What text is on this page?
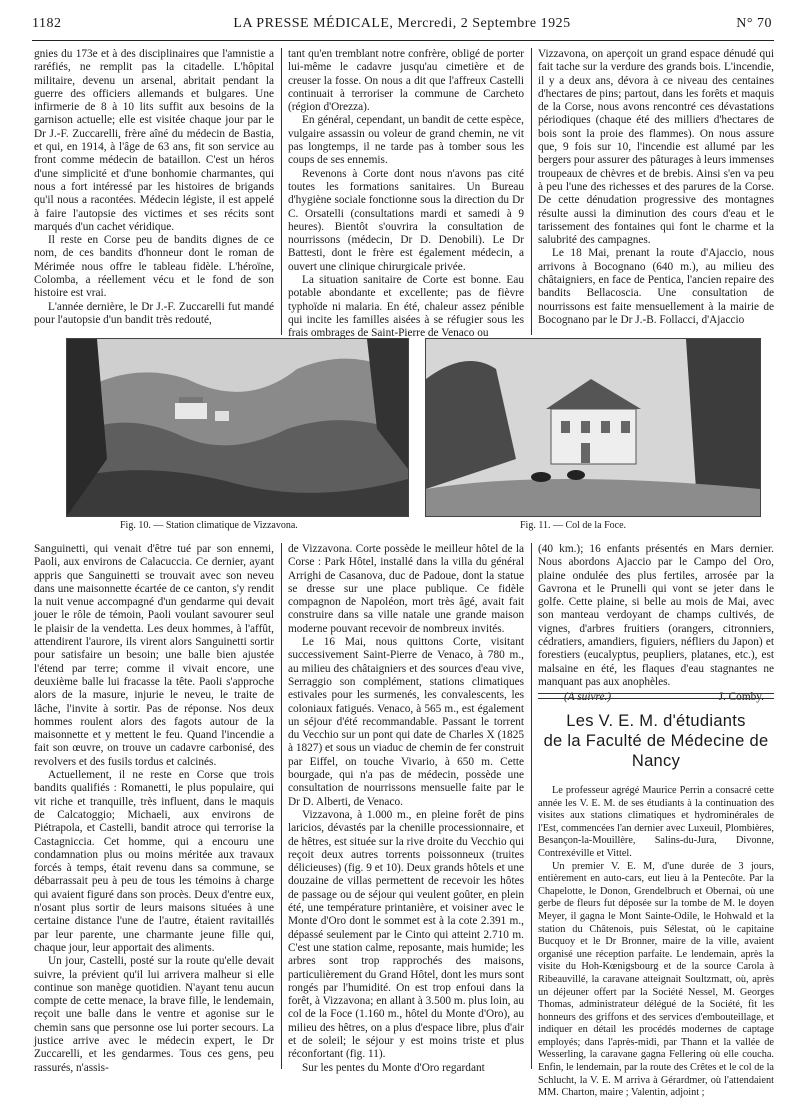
1182	LA PRESSE MÉDICALE, Mercredi, 2 Septembre 1925	N° 70

gnies du 173e et à des disciplinaires que l'amnistie a raréfiés, ne remplit pas la citadelle. L'hôpital militaire, devenu un arsenal, abritait pendant la guerre des officiers allemands et bulgares. Une infirmerie de 8 à 10 lits suffit aux besoins de la garnison actuelle; elle est visitée chaque jour par le Dr J.-F. Zuccarelli, frère aîné du médecin de Bastia, et qui, en 1914, à l'âge de 63 ans, fit son service au front comme médecin de bataillon. C'est un héros d'une simplicité et d'une bonhomie charmantes, qui nous a fort intéressé par les histoires de brigands qu'il nous a racontées. Médecin légiste, il est appelé à faire l'autopsie des victimes et ses récits sont marqués d'un cachet véridique.

Il reste en Corse peu de bandits dignes de ce nom, de ces bandits d'honneur dont le roman de Mérimée nous offre le tableau fidèle. L'héroïne, Colomba, a réellement vécu et le fond de son histoire est vrai.

L'année dernière, le Dr J.-F. Zuccarelli fut mandé pour l'autopsie d'un bandit très redouté,

tant qu'en tremblant notre confrère, obligé de porter lui-même le cadavre jusqu'au cimetière et de creuser la fosse. On nous a dit que l'affreux Castelli continuait à terroriser la commune de Carcheto (région d'Orezza).

En général, cependant, un bandit de cette espèce, vulgaire assassin ou voleur de grand chemin, ne vit pas longtemps, il ne tarde pas à tomber sous les coups de ses ennemis.

Revenons à Corte dont nous n'avons pas cité toutes les formations sanitaires. Un Bureau d'hygiène sociale fonctionne sous la direction du Dr C. Orsatelli (consultations mardi et samedi à 9 heures). Bientôt s'ouvrira la consultation de nourrissons (médecin, Dr D. Denobili). Le Dr Battesti, dont le frère est également médecin, a ouvert une clinique chirurgicale privée.

La situation sanitaire de Corte est bonne. Eau potable abondante et excellente; pas de fièvre typhoïde ni malaria. En été, chaleur assez pénible qui incite les familles aisées à se réfugier sous les frais ombrages de Saint-Pierre de Venaco ou

Vizzavona, on aperçoit un grand espace dénudé qui fait tache sur la verdure des grands bois. L'incendie, il y a deux ans, dévora à ce niveau des centaines d'hectares de pins; partout, dans les forêts et maquis de la Corse, nous avons rencontré ces dévastations périodiques (chaque été des milliers d'hectares de bois sont la proie des flammes). On nous assure que, 9 fois sur 10, l'incendie est allumé par les bergers pour assurer des pâturages à leurs immenses troupeaux de chèvres et de brebis. Ainsi s'en va peu à peu l'une des richesses et des parures de la Corse. De cette dénudation progressive des montagnes résulte aussi la diminution des cours d'eau et le tarissement des fontaines qui font le charme et la salubrité des campagnes.

Le 18 Mai, prenant la route d'Ajaccio, nous arrivons à Bocognano (640 m.), au milieu des châtaigniers, en face de Pentica, l'ancien repaire des bandits Bellacoscia. Une consultation de nourrissons est faite mensuellement à la mairie de Bocognano par le Dr J.-B. Follacci, d'Ajaccio

Fig. 10. — Station climatique de Vizzavona.	Fig. 11. — Col de la Foce.

Sanguinetti, qui venait d'être tué par son ennemi, Paoli, aux environs de Calacuccia. Ce dernier, ayant appris que Sanguinetti se trouvait avec son neveu dans une maisonnette écartée de ce canton, s'y rendit la nuit venue accompagné d'un gendarme qui devait jouer le rôle de témoin, Paoli voulant savourer seul le plaisir de la vendetta. Les deux hommes, à l'affût, attendirent l'aurore, ils virent alors Sanguinetti sortir pour satisfaire un besoin; une balle bien ajustée l'étend par terre; comme il vivait encore, une deuxième balle lui fracasse la tête. Paoli s'approche alors de la masure, injurie le neveu, le traite de lâche, l'invite à sortir. Pas de réponse. Nos deux hommes roulent alors des fagots autour de la maisonnette et y mettent le feu. Quand l'incendie a fait son œuvre, on trouve un cadavre carbonisé, des revolvers et des fusils tordus et calcinés.

Actuellement, il ne reste en Corse que trois bandits qualifiés : Romanetti, le plus populaire, qui vit riche et tranquille, très influent, dans le maquis de Calcatoggio; Michaeli, aux environs de Piétrapola, et Castelli, bandit atroce qui terrorise la Castagniccia. Cet homme, qui a encouru une condamnation plus ou moins méritée aux travaux forcés à temps, était revenu dans sa commune, se débarrassait peu à peu de tous les témoins à charge qui avaient figuré dans son procès. Deux d'entre eux, n'osant plus sortir de leurs maisons situées à une certaine distance l'une de l'autre, étaient ravitaillés par leur parente, une charmante jeune fille qui, chaque jour, leur apportait des aliments.

Un jour, Castelli, posté sur la route qu'elle devait suivre, la prévient qu'il lui arrivera malheur si elle continue son manège quotidien. N'ayant tenu aucun compte de cette menace, la brave fille, le lendemain, reçoit une balle dans le ventre et agonise sur le chemin sans que personne ose lui porter secours. La justice arrive avec le médecin expert, le Dr Zuccarelli, et les gendarmes. Tous ces gens, peu rassurés, n'assis-

de Vizzavona. Corte possède le meilleur hôtel de la Corse : Park Hôtel, installé dans la villa du général Arrighi de Casanova, duc de Padoue, dont la statue se dresse sur une place publique. Ce fidèle compagnon de Napoléon, mort très âgé, avait fait construire dans sa ville natale une grande maison moderne pouvant recevoir de nombreux invités.

Le 16 Mai, nous quittons Corte, visitant successivement Saint-Pierre de Venaco, à 780 m., au milieu des châtaigniers et des sources d'eau vive, Serraggio son complément, stations climatiques estivales pour les surmenés, les convalescents, les coloniaux fatigués. Venaco, à 565 m., est également un séjour d'été recommandable. Passant le torrent du Vecchio sur un pont qui date de Charles X (1825 à 1827) et sous un viaduc de chemin de fer construit par Eiffel, on touche Vivario, à 650 m. Cette bourgade, qui n'a pas de médecin, possède une consultation de nourrissons mensuelle faite par le Dr D. Alberti, de Venaco.

Vizzavona, à 1.000 m., en pleine forêt de pins laricios, dévastés par la chenille processionnaire, et de hêtres, est située sur la rive droite du Vecchio qui reçoit deux autres torrents poissonneux (truites délicieuses) (fig. 9 et 10). Deux grands hôtels et une douzaine de villas permettent de recevoir les hôtes de passage ou de séjour qui veulent goûter, en plein été, une température printanière, et voisiner avec le Monte d'Oro dont le sommet est à la cote 2.391 m., dépassé seulement par le Cinto qui atteint 2.710 m. C'est une station calme, reposante, mais humide; les arbres sont trop rapprochés des maisons, particulièrement du Grand Hôtel, dont les murs sont rongés par l'humidité. On est trop enfoui dans la forêt, à Vizzavona; en allant à 3.500 m. plus loin, au col de la Foce (1.160 m., hôtel du Monte d'Oro), au milieu des hêtres, on a plus d'espace libre, plus d'air et de soleil; le séjour y est moins triste et plus réconfortant (fig. 11).

Sur les pentes du Monte d'Oro regardant

(40 km.); 16 enfants présentés en Mars dernier. Nous abordons Ajaccio par le Campo del Oro, plaine ondulée des plus fertiles, arrosée par la Gavrona et le Prunelli qui vont se jeter dans le golfe. Cette plaine, si belle au mois de Mai, avec son manteau verdoyant de champs cultivés, de vignes, d'arbres fruitiers (orangers, citronniers, cédratiers, amandiers, figuiers, néfliers du Japon) et forestiers (eucalyptus, peupliers, platanes, etc.), est malsaine en été, les flaques d'eau stagnantes ne manquant pas aux anophèles.

(A suivre.)	J. Comby.
Les V. E. M. d'étudiants
de la Faculté de Médecine de Nancy

Le professeur agrégé Maurice Perrin a consacré cette année les V. E. M. de ses étudiants à la continuation des visites aux stations climatiques et hydrominérales de l'Est, commencées l'an dernier avec Luxeuil, Plombières, Besançon-la-Mouillère, Salins-du-Jura, Divonne, Contrexéville et Vittel.

Un premier V. E. M, d'une durée de 3 jours, entièrement en auto-cars, eut lieu à la Pentecôte. Par la Chapelotte, le Donon, Grendelbruch et Obernai, où une gerbe de fleurs fut déposée sur la tombe de M. le doyen Meyer, il gagna le Mont Sainte-Odile, le Hohwald et la station du Châtenois, puis Sélestat, où le capitaine Bucquoy et le Dr Bronner, maire de la ville, avaient organisé une réception parfaite. Le lendemain, après la visite du Hoh-Kœnigsbourg et de la source Carola à Ribeauvillé, la caravane atteignait Soultzmatt, où, après un déjeuner offert par la Société Nessel, M. Georges Thomas, administrateur délégué de la Société, fit les honneurs des griffons et des services d'embouteillage, et indiquer en détail les procédés modernes de captage employés; dans l'après-midi, par Thann et la vallée de Wesserling, la caravane gagna Fellering où elle coucha. Enfin, le lendemain, par la route des Crêtes et le col de la Schlucht, la V. E. M arriva à Gérardmer, où l'attendaient MM. Charton, maire ; Valentin, adjoint ;
